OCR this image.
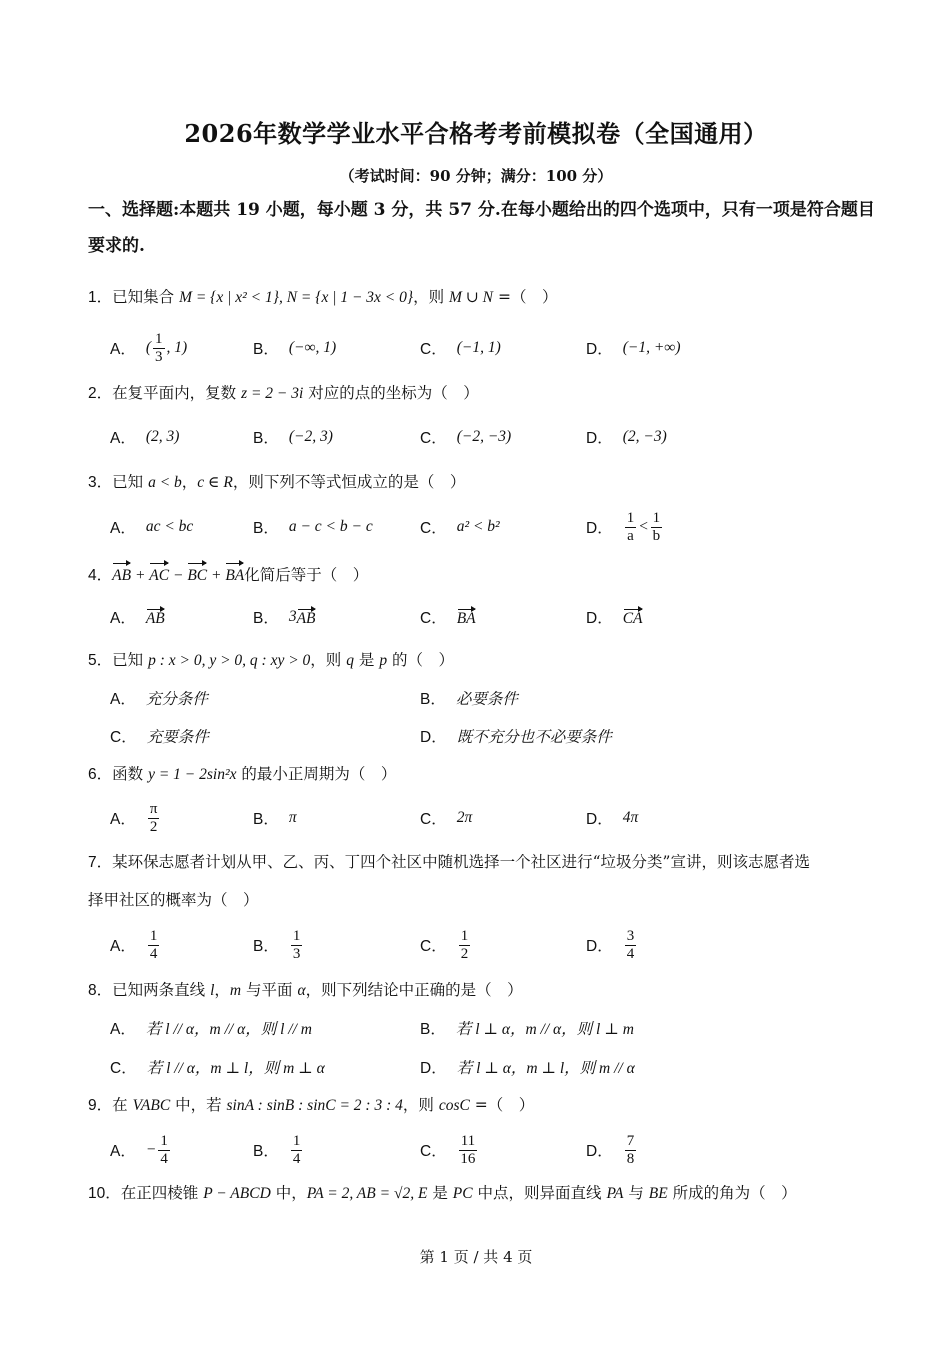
2026年数学学业水平合格考考前模拟卷（全国通用）
（考试时间：90 分钟；满分：100 分）
一、选择题:本题共 19 小题，每小题 3 分，共 57 分.在每小题给出的四个选项中，只有一项是符合题目要求的.
1．已知集合 M = {x | x² < 1}, N = {x | 1 − 3x < 0}，则 M ∪ N =（　）
A． ( $\frac{1}{3}$ , 1)	B． (−∞, 1)	C． (−1, 1)	D． (−1, +∞)
2．在复平面内，复数 z = 2 − 3i 对应的点的坐标为（　）
A． (2, 3)	B． (−2, 3)	C． (−2, −3)	D． (2, −3)
3．已知 a < b，c ∈ R，则下列不等式恒成立的是（　）
A． ac < bc	B． a − c < b − c	C． a² < b²	D． $\frac{1}{a} < \frac{1}{b}$
4．AB + AC − BC + BA化简后等于（　）
A． AB	B． 3 AB	C． BA	D． CA
5．已知 p : x > 0, y > 0, q : xy > 0，则 q 是 p 的（　）
A． 充分条件	B． 必要条件
C． 充要条件	D． 既不充分也不必要条件
6．函数 y = 1 − 2sin²x 的最小正周期为（　）
A． $\frac{\pi}{2}$	B． π	C． 2π	D． 4π
7．某环保志愿者计划从甲、乙、丙、丁四个社区中随机选择一个社区进行“垃圾分类”宣讲，则该志愿者选
择甲社区的概率为（　）
A． $\frac{1}{4}$	B． $\frac{1}{3}$	C． $\frac{1}{2}$	D． $\frac{3}{4}$
8．已知两条直线 l，m 与平面 α，则下列结论中正确的是（　）
A． 若 l // α，m // α，则 l // m	B． 若 l ⊥ α，m // α，则 l ⊥ m
C． 若 l // α，m ⊥ l，则 m ⊥ α	D． 若 l ⊥ α，m ⊥ l，则 m // α
9．在 VABC 中，若 sinA : sinB : sinC = 2 : 3 : 4，则 cosC =（　）
A． − $\frac{1}{4}$	B． $\frac{1}{4}$	C． $\frac{11}{16}$	D． $\frac{7}{8}$
10．在正四棱锥 P − ABCD 中，PA = 2, AB = √2, E 是 PC 中点，则异面直线 PA 与 BE 所成的角为（　）
第 1 页 / 共 4 页
